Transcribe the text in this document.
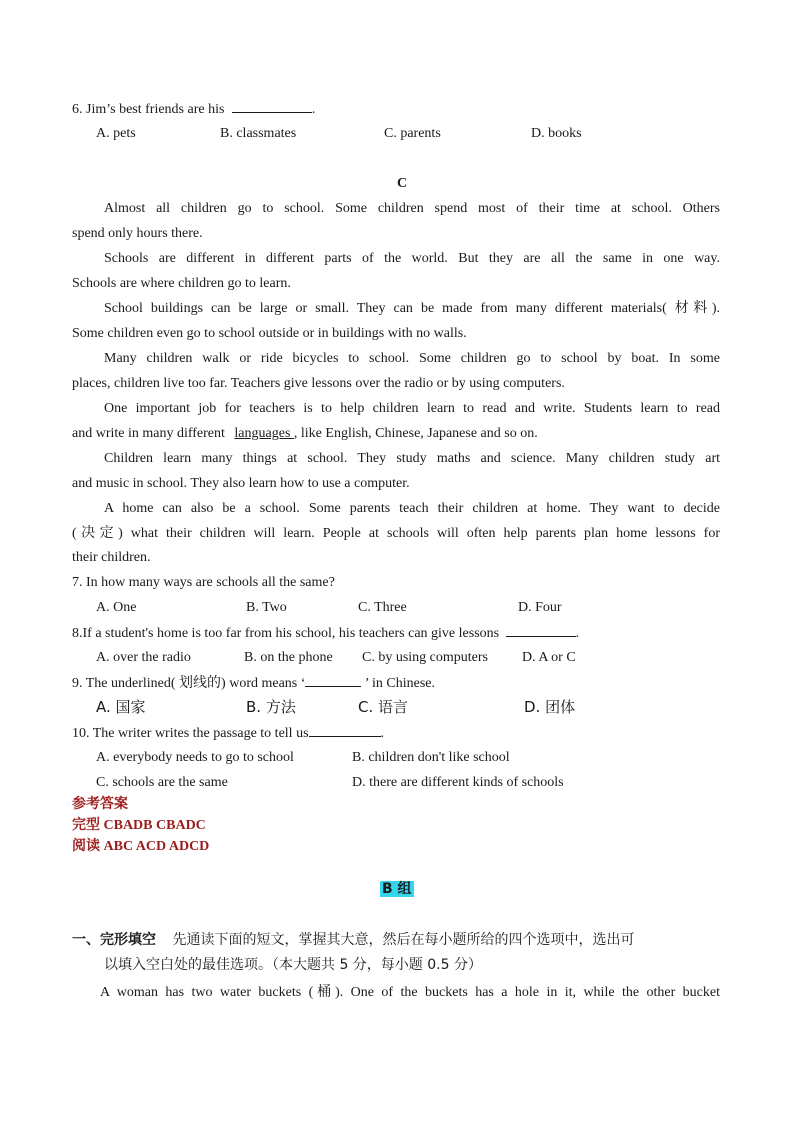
6. Jim’s best friends are his	.
A. pets	B. classmates	C. parents	D. books
C
Almost all children go to school. Some children spend most of their time at school. Others
spend only hours there.
Schools are different in different parts of the world. But they are all the same in one way.
Schools are where children go to learn.
School buildings can be large or small. They can be made from many different materials( 材料).
Some children even go to school outside or in buildings with no walls.
Many children walk or ride bicycles to school. Some children go to school by boat. In some
places, children live too far. Teachers give lessons over the radio or by using computers.
One important job for teachers is to help children learn to read and write. Students learn to read
and write in many different languages , like English, Chinese, Japanese and so on.
Children learn many things at school. They study maths and science. Many children study art
and music in school. They also learn how to use a computer.
A home can also be a school. Some parents teach their children at home. They want to decide
(决定) what their children will learn. People at schools will often help parents plan home lessons for
their children.
7. In how many ways are schools all the same?
A. One	B. Two	C. Three	D. Four
8.If a student's home is too far from his school, his teachers can give lessons	.
A. over the radio	B. on the phone C. by using computers D. A or C
9. The underlined( 划线的) word means ‘	’ in Chinese.
A. 国家	B. 方法	C. 语言	D. 团体
10. The writer writes the passage to tell us	.
A. everybody needs to go to school	B. children don't like school
C. schools are the same	D. there are different kinds of schools
参考答案
完型 CBADB CBADC
阅读 ABC ACD ADCD
B 组
一、完形填空 先通读下面的短文，掌握其大意，然后在每小题所给的四个选项中，选出可
以填入空白处的最佳选项。（本大题共 5 分，每小题 0.5 分）
A woman has two water buckets (桶). One of the buckets has a hole in it, while the other bucket
